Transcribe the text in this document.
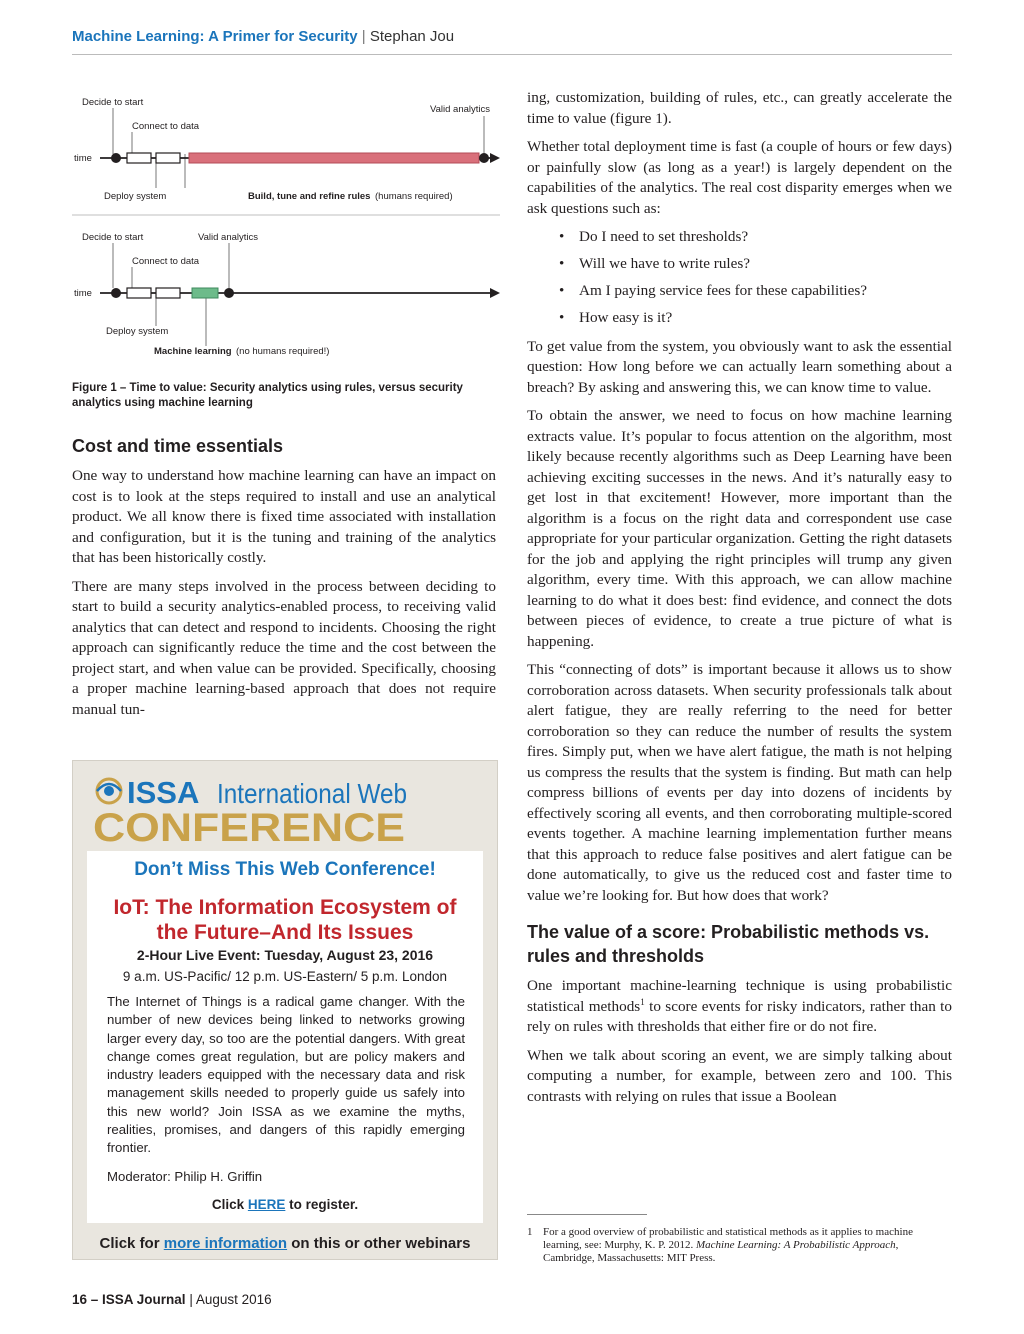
Machine Learning: A Primer for Security | Stephan Jou
Decide to start
Connect to data
Valid analytics
time
Deploy system	Build, tune and refine rules (humans required)
Decide to start	Valid analytics
Connect to data
time
Deploy system
Machine learning (no humans required!)
Figure 1 – Time to value: Security analytics using rules, versus security analytics using machine learning
Cost and time essentials

One way to understand how machine learning can have an impact on cost is to look at the steps required to install and use an analytical product. We all know there is fixed time associated with installation and configuration, but it is the tuning and training of the analytics that has been historically costly.

There are many steps involved in the process between deciding to start to build a security analytics-enabled process, to receiving valid analytics that can detect and respond to incidents. Choosing the right approach can significantly reduce the time and the cost between the project start, and when value can be provided. Specifically, choosing a proper machine learning-based approach that does not require manual tun-

ISSA International Web
CONFERENCE
Don’t Miss This Web Conference!
IoT: The Information Ecosystem of the Future–And Its Issues
2-Hour Live Event: Tuesday, August 23, 2016
9 a.m. US-Pacific/ 12 p.m. US-Eastern/ 5 p.m. London
The Internet of Things is a radical game changer. With the number of new devices being linked to networks growing larger every day, so too are the potential dangers. With great change comes great regulation, but are policy makers and industry leaders equipped with the necessary data and risk management skills needed to properly guide us safely into this new world? Join ISSA as we examine the myths, realities, promises, and dangers of this rapidly emerging frontier.
Moderator: Philip H. Griffin
Click HERE to register.
Click for more information on this or other webinars

ing, customization, building of rules, etc., can greatly accelerate the time to value (figure 1).

Whether total deployment time is fast (a couple of hours or few days) or painfully slow (as long as a year!) is largely dependent on the capabilities of the analytics. The real cost disparity emerges when we ask questions such as:

• Do I need to set thresholds?
• Will we have to write rules?
• Am I paying service fees for these capabilities?
• How easy is it?

To get value from the system, you obviously want to ask the essential question: How long before we can actually learn something about a breach? By asking and answering this, we can know time to value.

To obtain the answer, we need to focus on how machine learning extracts value. It’s popular to focus attention on the algorithm, most likely because recently algorithms such as Deep Learning have been achieving exciting successes in the news. And it’s naturally easy to get lost in that excitement! However, more important than the algorithm is a focus on the right data and correspondent use case appropriate for your particular organization. Getting the right datasets for the job and applying the right principles will trump any given algorithm, every time. With this approach, we can allow machine learning to do what it does best: find evidence, and connect the dots between pieces of evidence, to create a true picture of what is happening.

This “connecting of dots” is important because it allows us to show corroboration across datasets. When security professionals talk about alert fatigue, they are really referring to the need for better corroboration so they can reduce the number of results the system fires. Simply put, when we have alert fatigue, the math is not helping us compress the results that the system is finding. But math can help compress billions of events per day into dozens of incidents by effectively scoring all events, and then corroborating multiple-scored events together. A machine learning implementation further means that this approach to reduce false positives and alert fatigue can be done automatically, to give us the reduced cost and faster time to value we’re looking for. But how does that work?

The value of a score: Probabilistic methods vs. rules and thresholds

One important machine-learning technique is using probabilistic statistical methods$^1$ to score events for risky indicators, rather than to rely on rules with thresholds that either fire or do not fire.

When we talk about scoring an event, we are simply talking about computing a number, for example, between zero and 100. This contrasts with relying on rules that issue a Boolean

1 For a good overview of probabilistic and statistical methods as it applies to machine learning, see: Murphy, K. P. 2012. Machine Learning: A Probabilistic Approach, Cambridge, Massachusetts: MIT Press.
16 – ISSA Journal | August 2016
